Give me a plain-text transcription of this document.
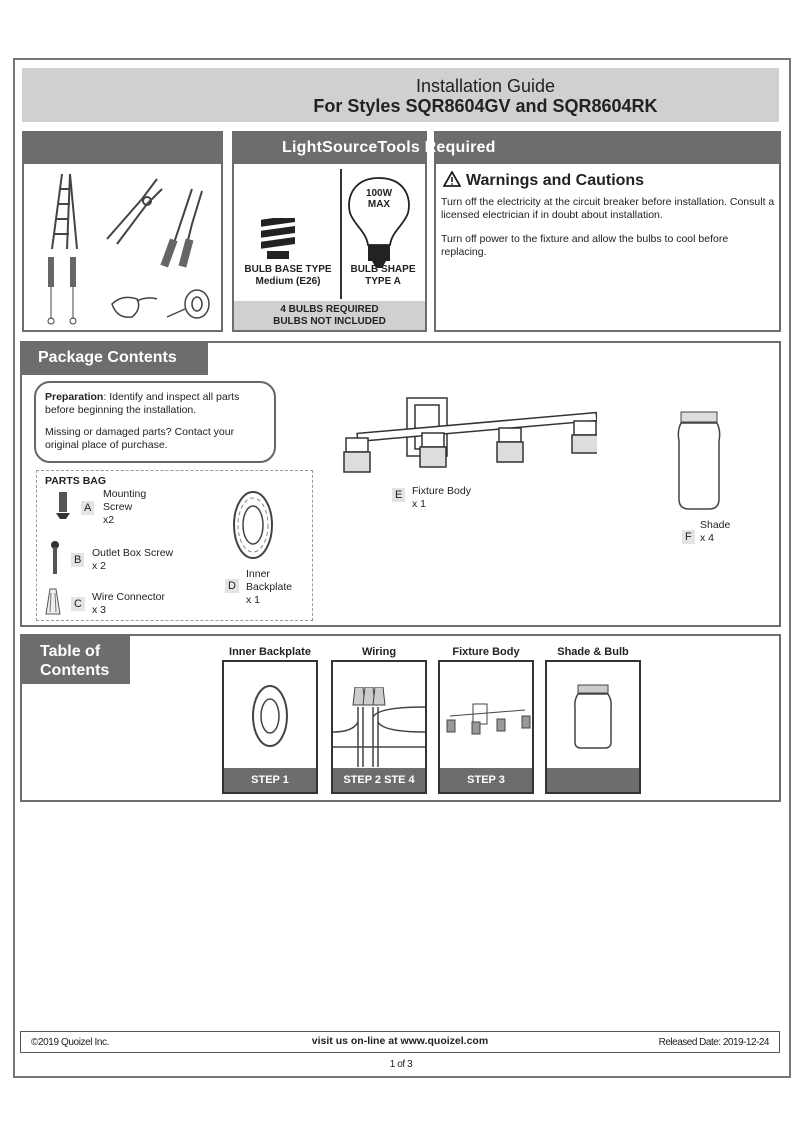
Installation Guide
For Styles SQR8604GV and SQR8604RK
100W
MAX
BULB BASE TYPE
Medium (E26)
BULB SHAPE
TYPE A
4 BULBS REQUIRED
BULBS NOT INCLUDED
Warnings and Cautions
Turn off the electricity at the circuit breaker before installation. Consult a licensed electrician if in doubt about installation.
Turn off power to the fixture and allow the bulbs to cool before replacing.
LightSourceTools Required
Package Contents
Preparation: Identify and inspect all parts before beginning the installation.
Missing or damaged parts? Contact your original place of purchase.
PARTS BAG
A
Mounting Screw
x2
B
Outlet Box Screw
x 2
C
Wire Connector
x 3
D
Inner Backplate
x 1
E Fixture Body
x 1
Shade
F x 4
Table of
Contents
Inner Backplate	Wiring	Fixture Body	Shade & Bulb
STEP 1	STEP 2 STE 4	STEP 3
©2019 Quoizel Inc.	visit us on-line at www.quoizel.com	Released Date: 2019-12-24
1 of 3
